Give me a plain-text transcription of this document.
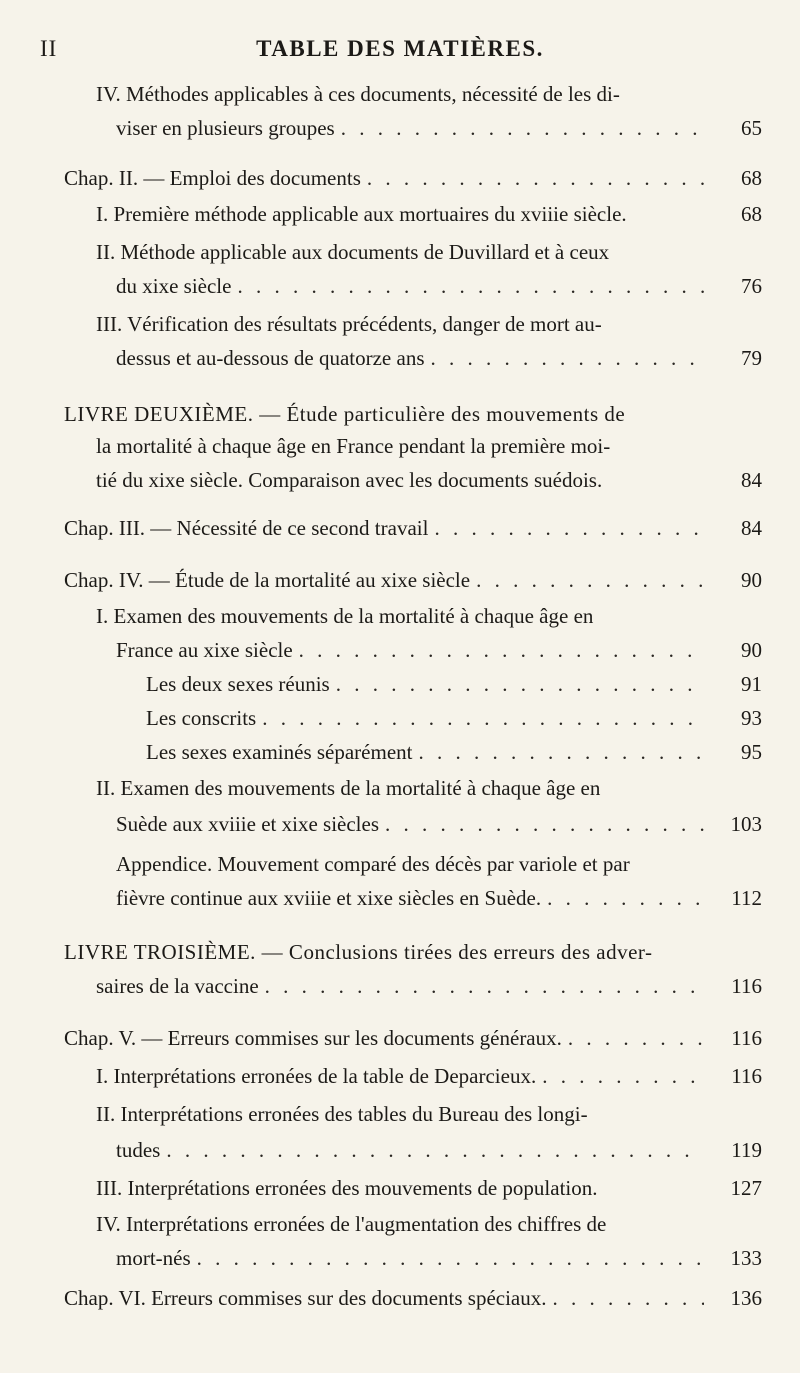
II	TABLE DES MATIÈRES.
IV. Méthodes applicables à ces documents, nécessité de les di-
viser en plusieurs groupes . . .	65
Chap. II. — Emploi des documents . . .	68
I. Première méthode applicable aux mortuaires du xviiie siècle.	68
II. Méthode applicable aux documents de Duvillard et à ceux
du xixe siècle . . .	76
III. Vérification des résultats précédents, danger de mort au-
dessus et au-dessous de quatorze ans . . .	79
LIVRE DEUXIÈME. — Étude particulière des mouvements de
la mortalité à chaque âge en France pendant la première moi-
tié du xixe siècle. Comparaison avec les documents suédois.	84
Chap. III. — Nécessité de ce second travail . . .	84
Chap. IV. — Étude de la mortalité au xixe siècle . . .	90
I. Examen des mouvements de la mortalité à chaque âge en
France au xixe siècle . . .	90
Les deux sexes réunis . . .	91
Les conscrits . . .	93
Les sexes examinés séparément . . .	95
II. Examen des mouvements de la mortalité à chaque âge en
Suède aux xviiie et xixe siècles . . .	103
Appendice. Mouvement comparé des décès par variole et par
fièvre continue aux xviiie et xixe siècles en Suède. . . .	112
LIVRE TROISIÈME. — Conclusions tirées des erreurs des adver-
saires de la vaccine . . .	116
Chap. V. — Erreurs commises sur les documents généraux. . . .	116
I. Interprétations erronées de la table de Deparcieux. . . .	116
II. Interprétations erronées des tables du Bureau des longi-
tudes . . .	119
III. Interprétations erronées des mouvements de population.	127
IV. Interprétations erronées de l'augmentation des chiffres de
mort-nés . . .	133
Chap. VI. Erreurs commises sur des documents spéciaux. . . .	136
